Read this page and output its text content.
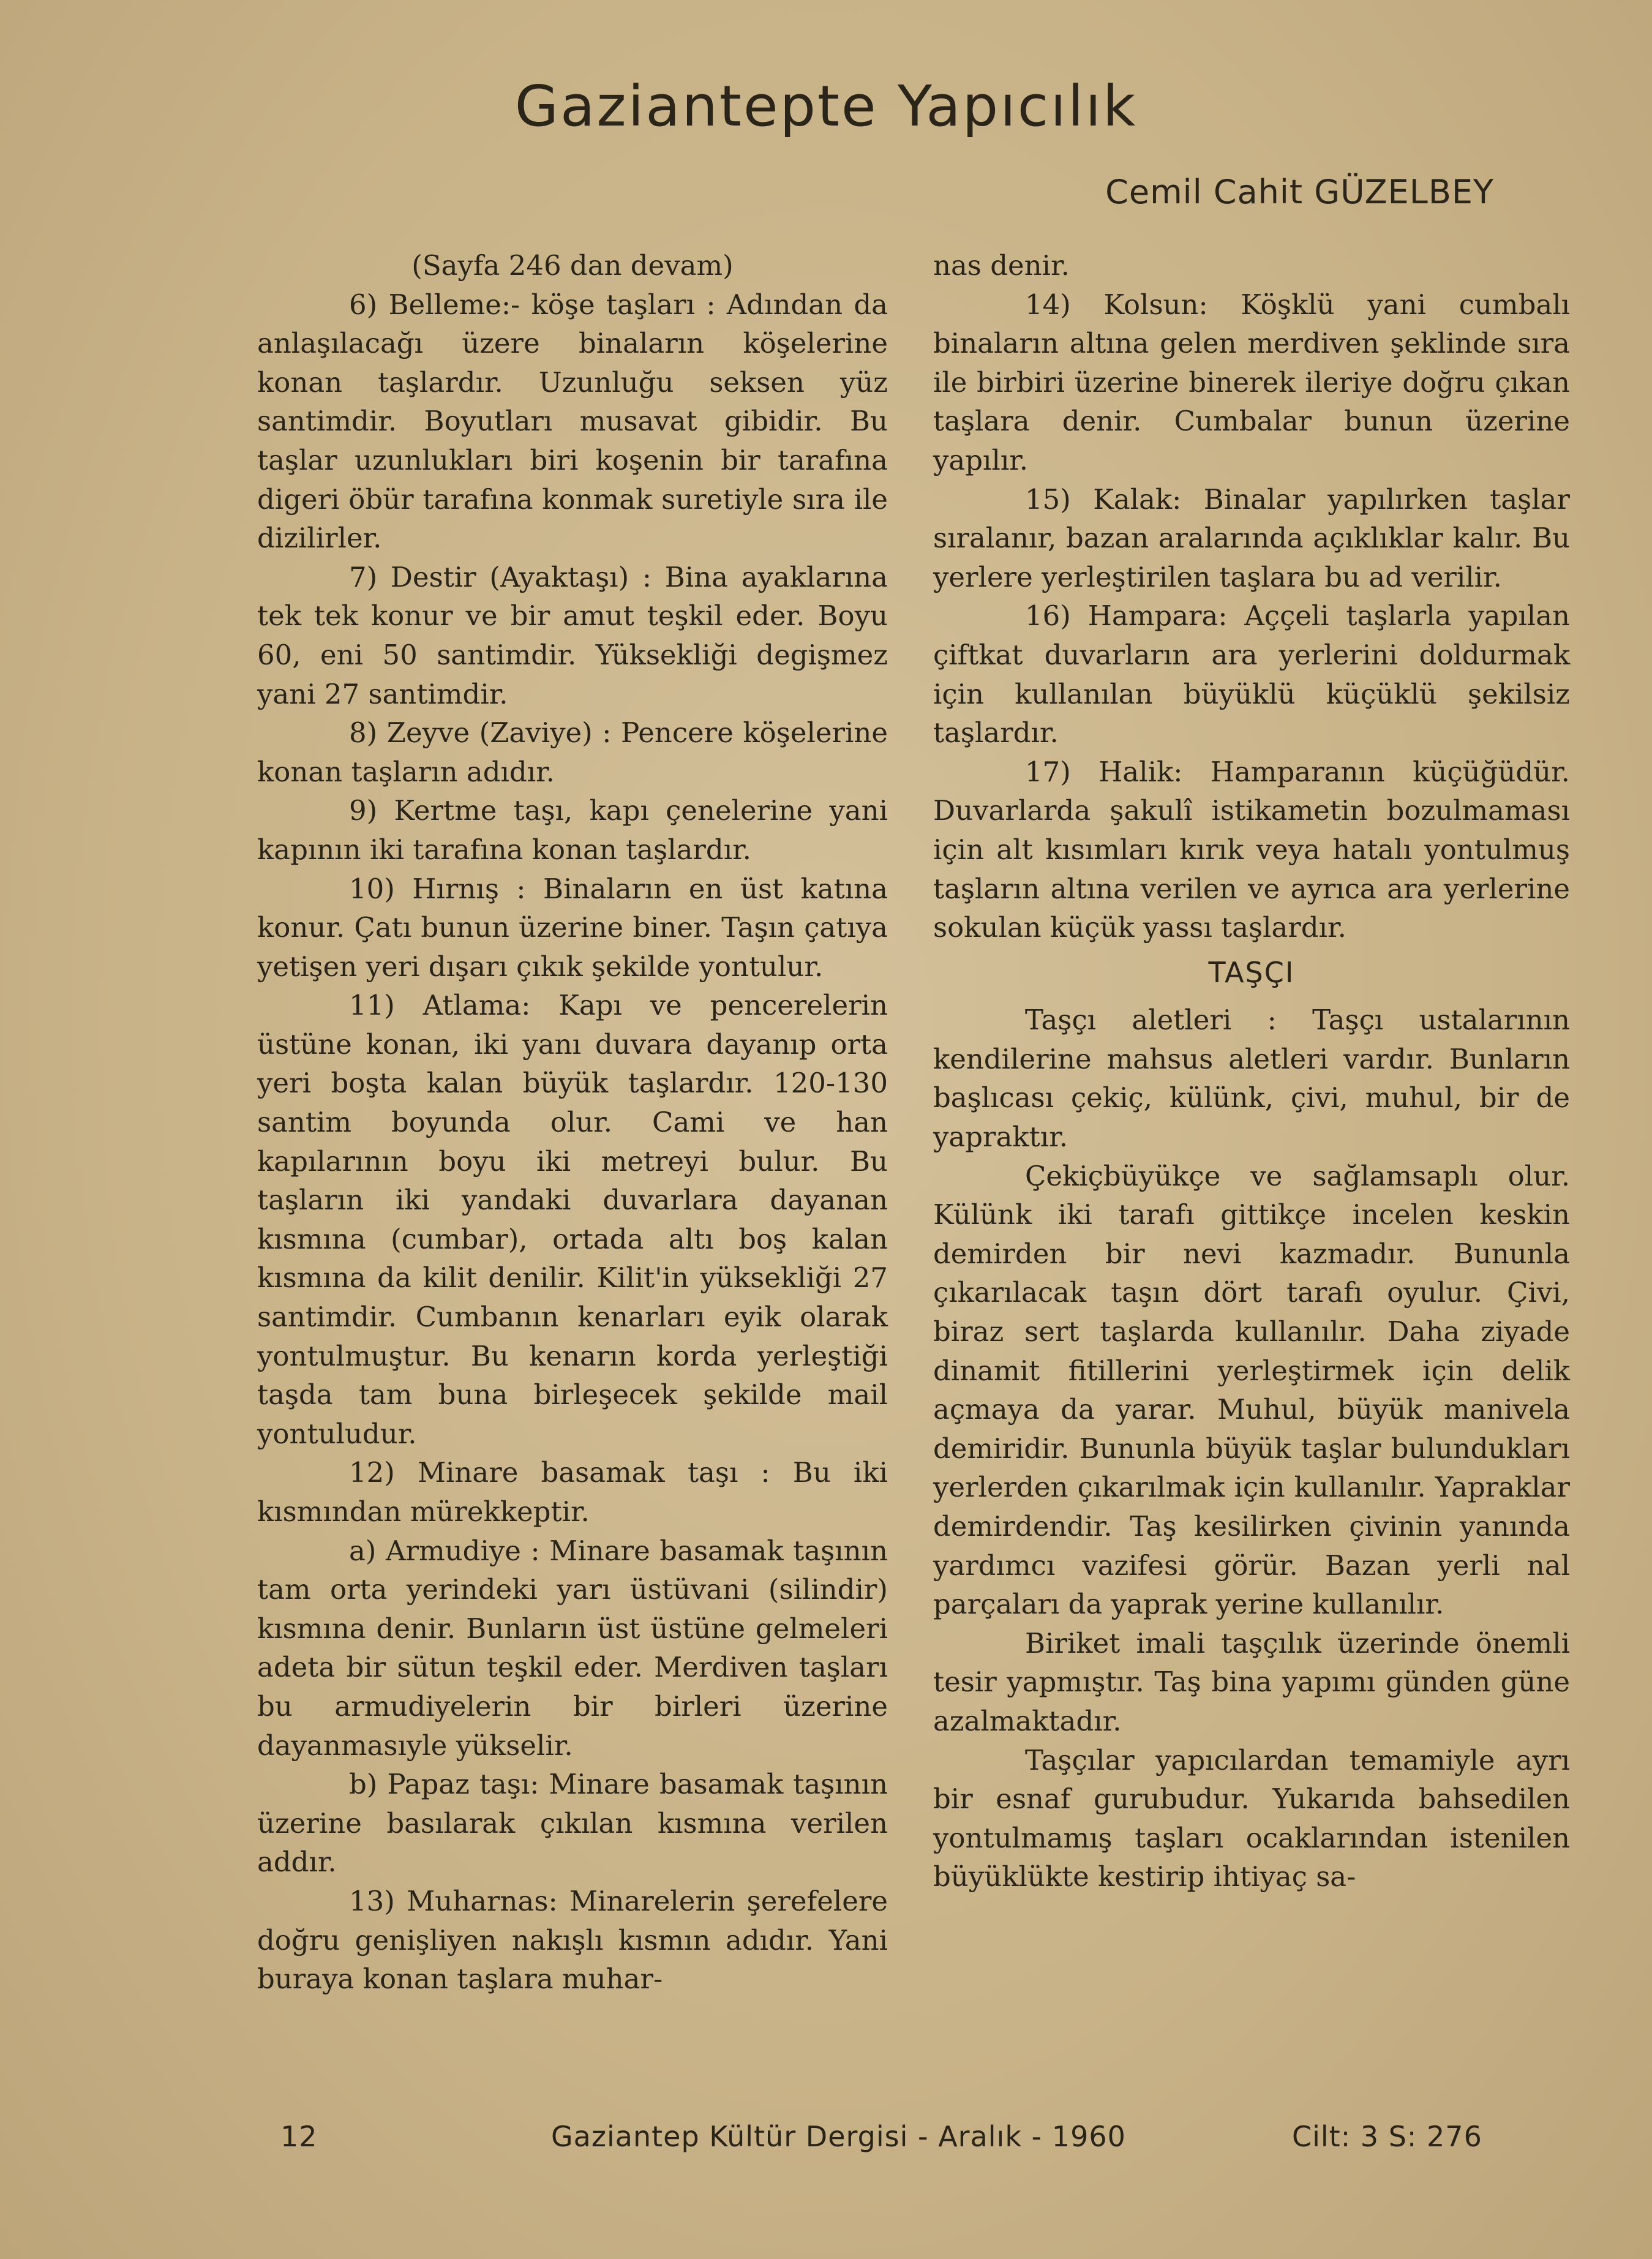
Gaziantepte Yapıcılık
Cemil Cahit GÜZELBEY

(Sayfa 246 dan devam)

6) Belleme:- köşe taşları : Adından da anlaşılacağı üzere binaların köşelerine konan taşlardır. Uzunluğu seksen yüz santimdir. Boyutları musavat gibidir. Bu taşlar uzunlukları biri koşenin bir tarafına digeri öbür tarafına konmak suretiyle sıra ile dizilirler.

7) Destir (Ayaktaşı) : Bina ayaklarına tek tek konur ve bir amut teşkil eder. Boyu 60, eni 50 santimdir. Yüksekliği degişmez yani 27 santimdir.

8) Zeyve (Zaviye) : Pencere köşelerine konan taşların adıdır.

9) Kertme taşı, kapı çenelerine yani kapının iki tarafına konan taşlardır.

10) Hırnış : Binaların en üst katına konur. Çatı bunun üzerine biner. Taşın çatıya yetişen yeri dışarı çıkık şekilde yontulur.

11) Atlama: Kapı ve pencerelerin üstüne konan, iki yanı duvara dayanıp orta yeri boşta kalan büyük taşlardır. 120-130 santim boyunda olur. Cami ve han kapılarının boyu iki metreyi bulur. Bu taşların iki yandaki duvarlara dayanan kısmına (cumbar), ortada altı boş kalan kısmına da kilit denilir. Kilit'in yüksekliği 27 santimdir. Cumbanın kenarları eyik olarak yontulmuştur. Bu kenarın korda yerleştiği taşda tam buna birleşecek şekilde mail yontuludur.

12) Minare basamak taşı : Bu iki kısmından mürekkeptir.

a) Armudiye : Minare basamak taşının tam orta yerindeki yarı üstüvani (silindir) kısmına denir. Bunların üst üstüne gelmeleri adeta bir sütun teşkil eder. Merdiven taşları bu armudiyelerin bir birleri üzerine dayanmasıyle yükselir.

b) Papaz taşı: Minare basamak taşının üzerine basılarak çıkılan kısmına verilen addır.

13) Muharnas: Minarelerin şerefelere doğru genişliyen nakışlı kısmın adıdır. Yani buraya konan taşlara muhar-

nas denir.

14) Kolsun: Köşklü yani cumbalı binaların altına gelen merdiven şeklinde sıra ile birbiri üzerine binerek ileriye doğru çıkan taşlara denir. Cumbalar bunun üzerine yapılır.

15) Kalak: Binalar yapılırken taşlar sıralanır, bazan aralarında açıklıklar kalır. Bu yerlere yerleştirilen taşlara bu ad verilir.

16) Hampara: Aççeli taşlarla yapılan çiftkat duvarların ara yerlerini doldurmak için kullanılan büyüklü küçüklü şekilsiz taşlardır.

17) Halik: Hamparanın küçüğüdür. Duvarlarda şakulî istikametin bozulmaması için alt kısımları kırık veya hatalı yontulmuş taşların altına verilen ve ayrıca ara yerlerine sokulan küçük yassı taşlardır.

TAŞÇI

Taşçı aletleri : Taşçı ustalarının kendilerine mahsus aletleri vardır. Bunların başlıcası çekiç, külünk, çivi, muhul, bir de yapraktır.

Çekiçbüyükçe ve sağlamsaplı olur. Külünk iki tarafı gittikçe incelen keskin demirden bir nevi kazmadır. Bununla çıkarılacak taşın dört tarafı oyulur. Çivi, biraz sert taşlarda kullanılır. Daha ziyade dinamit fitillerini yerleştirmek için delik açmaya da yarar. Muhul, büyük manivela demiridir. Bununla büyük taşlar bulundukları yerlerden çıkarılmak için kullanılır. Yapraklar demirdendir. Taş kesilirken çivinin yanında yardımcı vazifesi görür. Bazan yerli nal parçaları da yaprak yerine kullanılır.

Biriket imali taşçılık üzerinde önemli tesir yapmıştır. Taş bina yapımı günden güne azalmaktadır.

Taşçılar yapıcılardan temamiyle ayrı bir esnaf gurubudur. Yukarıda bahsedilen yontulmamış taşları ocaklarından istenilen büyüklükte kestirip ihtiyaç sa-

12	Gaziantep Kültür Dergisi - Aralık - 1960	Cilt: 3 S: 276
